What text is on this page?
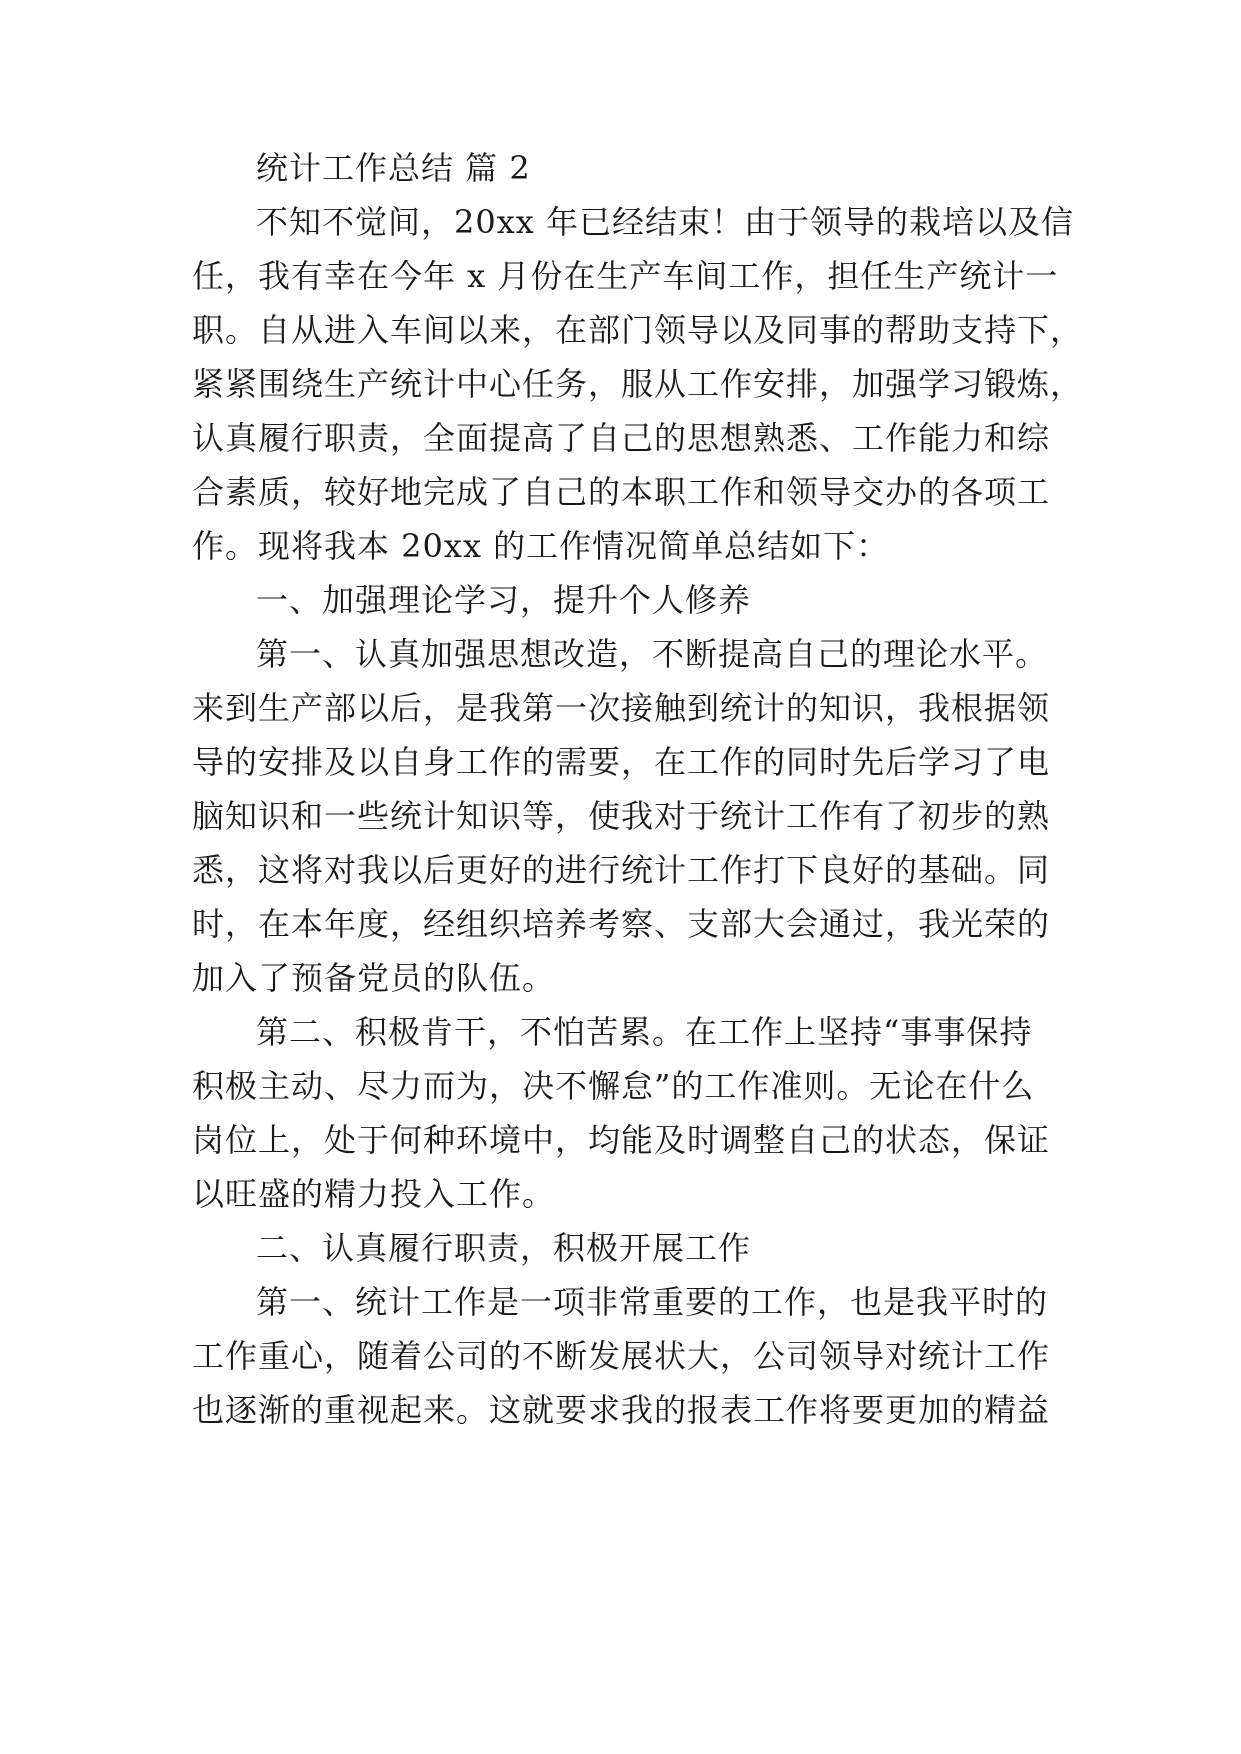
统计工作总结 篇 2
不知不觉间，20xx 年已经结束！由于领导的栽培以及信
任，我有幸在今年 x 月份在生产车间工作，担任生产统计一
职。自从进入车间以来，在部门领导以及同事的帮助支持下，
紧紧围绕生产统计中心任务，服从工作安排，加强学习锻炼，
认真履行职责，全面提高了自己的思想熟悉、工作能力和综
合素质，较好地完成了自己的本职工作和领导交办的各项工
作。现将我本 20xx 的工作情况简单总结如下：
一、加强理论学习，提升个人修养
第一、认真加强思想改造，不断提高自己的理论水平。
来到生产部以后，是我第一次接触到统计的知识，我根据领
导的安排及以自身工作的需要，在工作的同时先后学习了电
脑知识和一些统计知识等，使我对于统计工作有了初步的熟
悉，这将对我以后更好的进行统计工作打下良好的基础。同
时，在本年度，经组织培养考察、支部大会通过，我光荣的
加入了预备党员的队伍。
第二、积极肯干，不怕苦累。在工作上坚持“事事保持
积极主动、尽力而为，决不懈怠”的工作准则。无论在什么
岗位上，处于何种环境中，均能及时调整自己的状态，保证
以旺盛的精力投入工作。
二、认真履行职责，积极开展工作
第一、统计工作是一项非常重要的工作，也是我平时的
工作重心，随着公司的不断发展状大，公司领导对统计工作
也逐渐的重视起来。这就要求我的报表工作将要更加的精益
